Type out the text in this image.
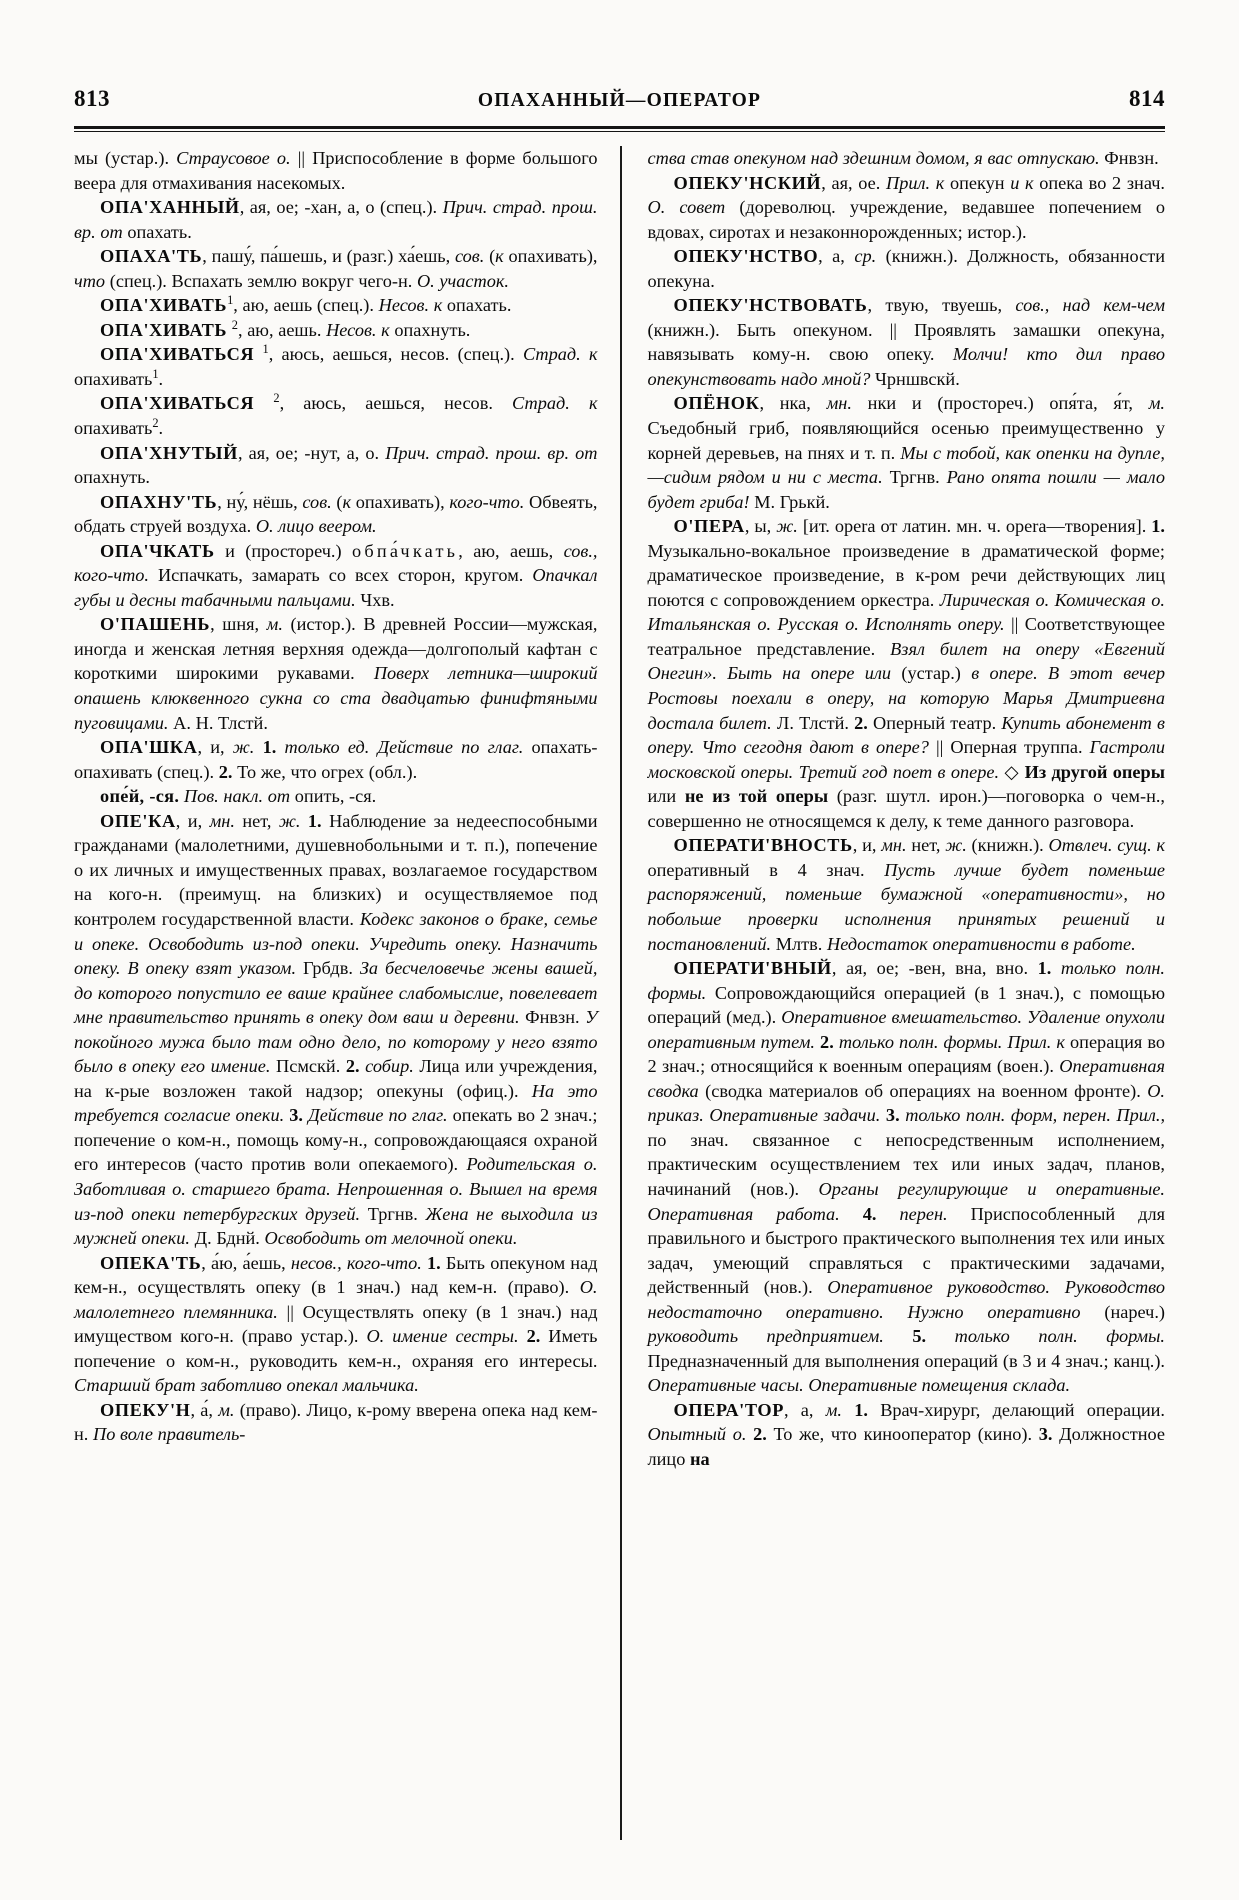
813	ОПАХАННЫЙ—ОПЕРАТОР	814

мы (устар.). Страусовое о. || Приспособление в форме большого веера для отмахивания насекомых.

ОПА'ХАННЫЙ, ая, ое; -хан, а, о (спец.). Прич. страд. прош. вр. от опахать.

ОПАХА'ТЬ, пашу́, па́шешь, и (разг.) ха́ешь, сов. (к опахивать), что (спец.). Вспахать землю вокруг чего-н. О. участок.

ОПА'ХИВАТЬ$^1$, аю, аешь (спец.). Несов. к опахать.

ОПА'ХИВАТЬ $^2$, аю, аешь. Несов. к опахнуть.

ОПА'ХИВАТЬСЯ $^1$, аюсь, аешься, несов. (спец.). Страд. к опахивать$^1$.

ОПА'ХИВАТЬСЯ $^2$, аюсь, аешься, несов. Страд. к опахивать$^2$.

ОПА'ХНУТЫЙ, ая, ое; -нут, а, о. Прич. страд. прош. вр. от опахнуть.

ОПАХНУ'ТЬ, ну́, нёшь, сов. (к опахивать), кого-что. Обвеять, обдать струей воздуха. О. лицо веером.

ОПА'ЧКАТЬ и (простореч.) обпа́чкать, аю, аешь, сов., кого-что. Испачкать, замарать со всех сторон, кругом. Опачкал губы и десны табачными пальцами. Чхв.

О'ПАШЕНЬ, шня, м. (истор.). В древней России—мужская, иногда и женская летняя верхняя одежда—долгополый кафтан с короткими широкими рукавами. Поверх летника—широкий опашень клюквенного сукна со ста двадцатью финифтяными пуговицами. А. Н. Тлстй.

ОПА'ШКА, и, ж. 1. только ед. Действие по глаг. опахать-опахивать (спец.). 2. То же, что огрех (обл.).

опе́й, -ся. Пов. накл. от опить, -ся.

ОПЕ'КА, и, мн. нет, ж. 1. Наблюдение за недееспособными гражданами (малолетними, душевнобольными и т. п.), попечение о их личных и имущественных правах, возлагаемое государством на кого-н. (преимущ. на близких) и осуществляемое под контролем государственной власти. Кодекс законов о браке, семье и опеке. Освободить из-под опеки. Учредить опеку. Назначить опеку. В опеку взят указом. Грбдв. За бесчеловечье жены вашей, до которого попустило ее ваше крайнее слабомыслие, повелевает мне правительство принять в опеку дом ваш и деревни. Фнвзн. У покойного мужа было там одно дело, по которому у него взято было в опеку его имение. Псмскй. 2. собир. Лица или учреждения, на к-рые возложен такой надзор; опекуны (офиц.). На это требуется согласие опеки. 3. Действие по глаг. опекать во 2 знач.; попечение о ком-н., помощь кому-н., сопровождающаяся охраной его интересов (часто против воли опекаемого). Родительская о. Заботливая о. старшего брата. Непрошенная о. Вышел на время из-под опеки петербургских друзей. Тргнв. Жена не выходила из мужней опеки. Д. Бднй. Освободить от мелочной опеки.

ОПЕКА'ТЬ, а́ю, а́ешь, несов., кого-что. 1. Быть опекуном над кем-н., осуществлять опеку (в 1 знач.) над кем-н. (право). О. малолетнего племянника. || Осуществлять опеку (в 1 знач.) над имуществом кого-н. (право устар.). О. имение сестры. 2. Иметь попечение о ком-н., руководить кем-н., охраняя его интересы. Старший брат заботливо опекал мальчика.

ОПЕКУ'Н, а́, м. (право). Лицо, к-рому вверена опека над кем-н. По воле правитель-

ства став опекуном над здешним домом, я вас отпускаю. Фнвзн.

ОПЕКУ'НСКИЙ, ая, ое. Прил. к опекун и к опека во 2 знач. О. совет (дореволюц. учреждение, ведавшее попечением о вдовах, сиротах и незаконнорожденных; истор.).

ОПЕКУ'НСТВО, а, ср. (книжн.). Должность, обязанности опекуна.

ОПЕКУ'НСТВОВАТЬ, твую, твуешь, сов., над кем-чем (книжн.). Быть опекуном. || Проявлять замашки опекуна, навязывать кому-н. свою опеку. Молчи! кто дил право опекунствовать надо мной? Чрншвскй.

ОПЁНОК, нка, мн. нки и (простореч.) опя́та, я́т, м. Съедобный гриб, появляющийся осенью преимущественно у корней деревьев, на пнях и т. п. Мы с тобой, как опенки на дупле,—сидим рядом и ни с места. Тргнв. Рано опята пошли — мало будет гриба! М. Грькй.

О'ПЕРА, ы, ж. [ит. opera от латин. мн. ч. opera—творения]. 1. Музыкально-вокальное произведение в драматической форме; драматическое произведение, в к-ром речи действующих лиц поются с сопровождением оркестра. Лирическая о. Комическая о. Итальянская о. Русская о. Исполнять оперу. || Соответствующее театральное представление. Взял билет на оперу «Евгений Онегин». Быть на опере или (устар.) в опере. В этот вечер Ростовы поехали в оперу, на которую Марья Дмитриевна достала билет. Л. Тлстй. 2. Оперный театр. Купить абонемент в оперу. Что сегодня дают в опере? || Оперная труппа. Гастроли московской оперы. Третий год поет в опере. ◇ Из другой оперы или не из той оперы (разг. шутл. ирон.)—поговорка о чем-н., совершенно не относящемся к делу, к теме данного разговора.

ОПЕРАТИ'ВНОСТЬ, и, мн. нет, ж. (книжн.). Отвлеч. сущ. к оперативный в 4 знач. Пусть лучше будет поменьше распоряжений, поменьше бумажной «оперативности», но побольше проверки исполнения принятых решений и постановлений. Млтв. Недостаток оперативности в работе.

ОПЕРАТИ'ВНЫЙ, ая, ое; -вен, вна, вно. 1. только полн. формы. Сопровождающийся операцией (в 1 знач.), с помощью операций (мед.). Оперативное вмешательство. Удаление опухоли оперативным путем. 2. только полн. формы. Прил. к операция во 2 знач.; относящийся к военным операциям (воен.). Оперативная сводка (сводка материалов об операциях на военном фронте). О. приказ. Оперативные задачи. 3. только полн. форм, перен. Прил., по знач. связанное с непосредственным исполнением, практическим осуществлением тех или иных задач, планов, начинаний (нов.). Органы регулирующие и оперативные. Оперативная работа. 4. перен. Приспособленный для правильного и быстрого практического выполнения тех или иных задач, умеющий справляться с практическими задачами, действенный (нов.). Оперативное руководство. Руководство недостаточно оперативно. Нужно оперативно (нареч.) руководить предприятием. 5. только полн. формы. Предназначенный для выполнения операций (в 3 и 4 знач.; канц.). Оперативные часы. Оперативные помещения склада.

ОПЕРА'ТОР, а, м. 1. Врач-хирург, делающий операции. Опытный о. 2. То же, что кинооператор (кино). 3. Должностное лицо на
